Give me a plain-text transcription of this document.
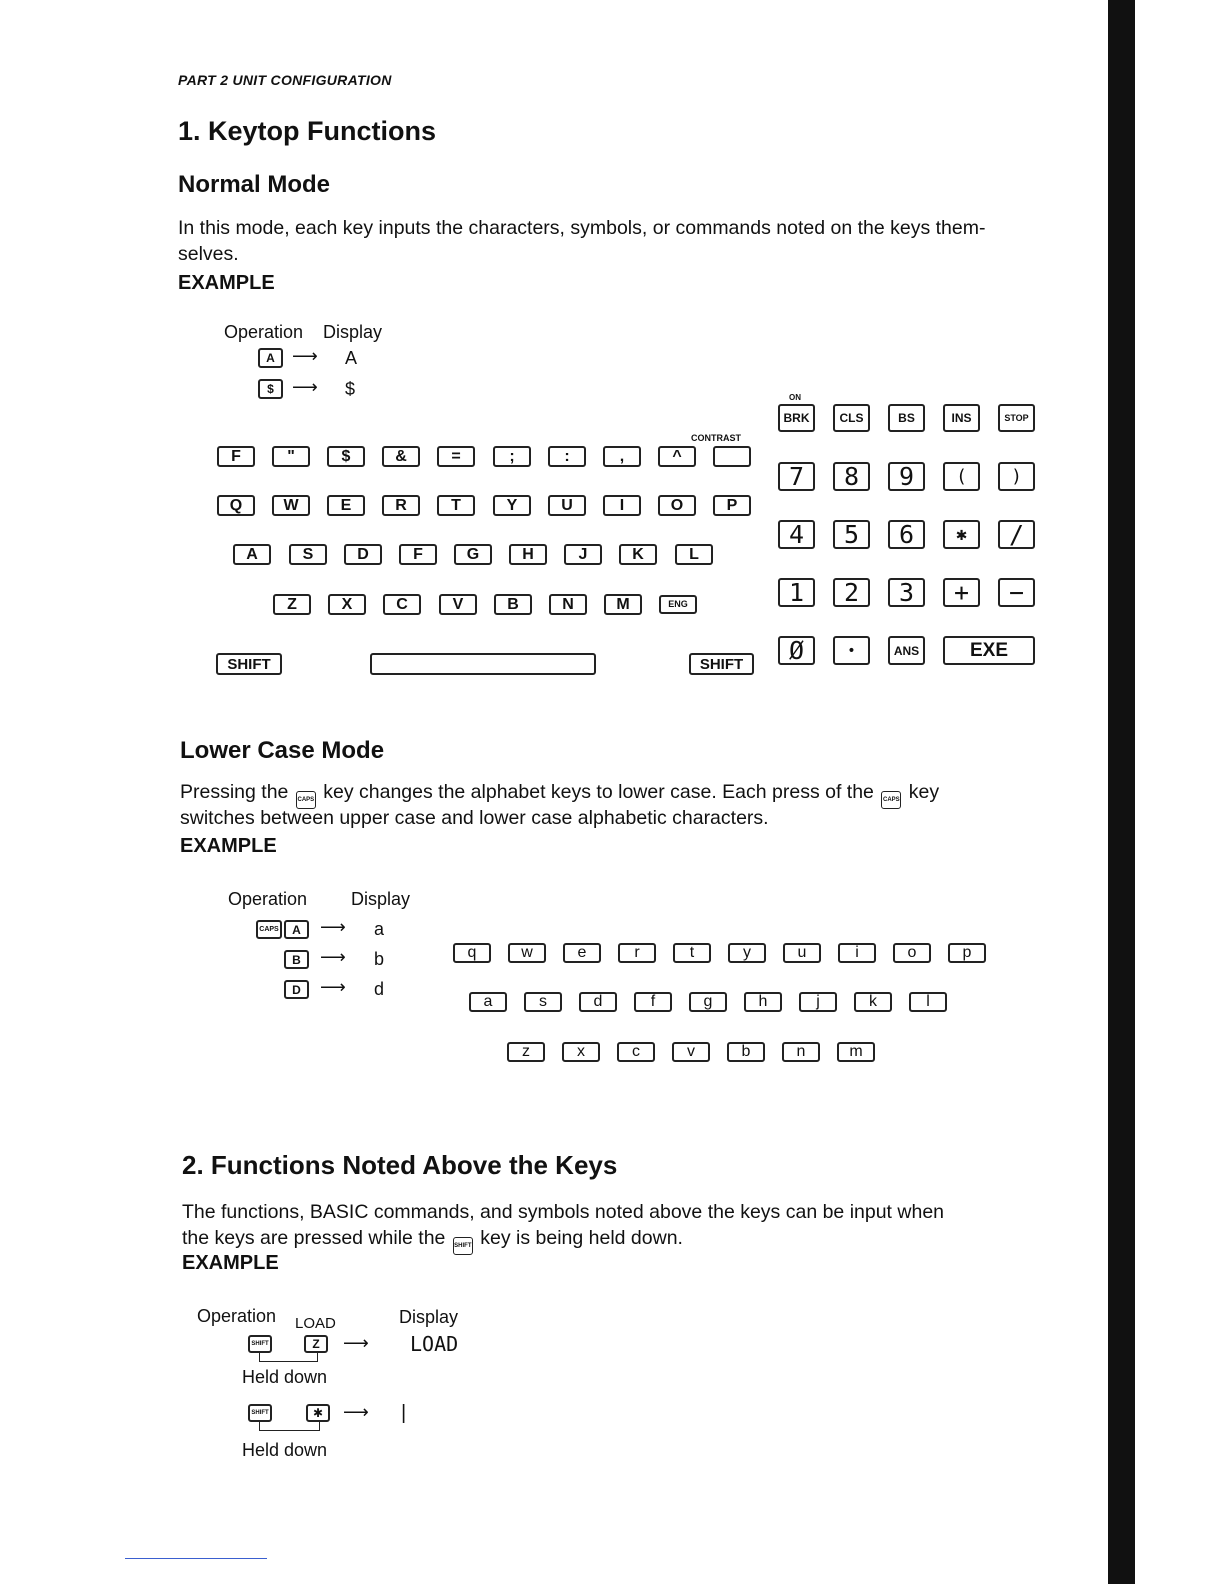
PART 2 UNIT CONFIGURATION
1. Keytop Functions
Normal Mode
In this mode, each key inputs the characters, symbols, or commands noted on the keys them-
selves.
EXAMPLE
Operation Display
A ⟶ A
$	⟶ $	ON
CONTRAST
F	"	$	&	=	;	:	,	^
Q	W	E	R	T	Y	U	I	O	P
A	S	D	F	G	H	J	K	L
Z	X	C	V	B	N	M	ENG
SHIFT	SHIFT
BRK	CLS	BS	INS	STOP
7	8	9	(	)
4	5	6	✱	/
1	2	3	+	−
Ø	•	ANS	EXE
Lower Case Mode
Pressing the CAPS key changes the alphabet keys to lower case. Each press of the CAPS key
switches between upper case and lower case alphabetic characters.
EXAMPLE
Operation Display
CAPS	A	⟶ a
B	⟶ b
D	⟶ d
q	w	e	r	t	y	u	i	o	p
a	s	d	f	g	h	j	k	l
z	x	c	v	b	n	m
2. Functions Noted Above the Keys
The functions, BASIC commands, and symbols noted above the keys can be input when
the keys are pressed while the SHIFT key is being held down.
EXAMPLE
Operation LOAD	Display
SHIFT	Z	⟶ LOAD
Held down
SHIFT	✱	⟶ |
Held down
